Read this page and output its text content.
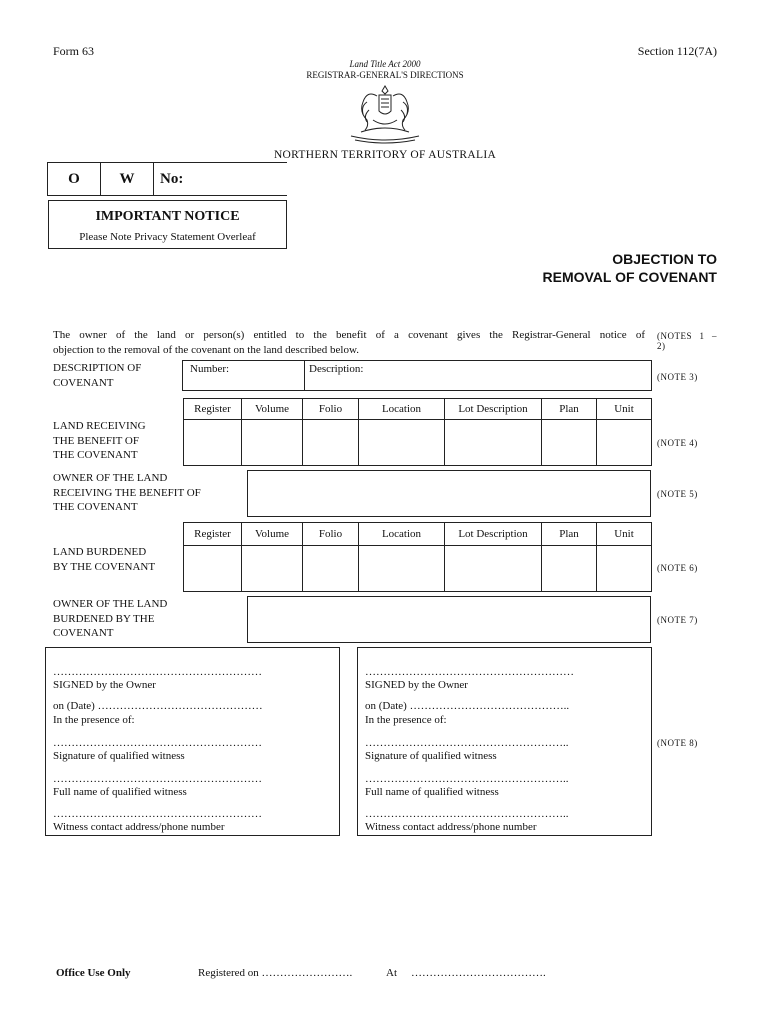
Form 63	Section 112(7A)
Land Title Act 2000
REGISTRAR-GENERAL'S DIRECTIONS
NORTHERN TERRITORY OF AUSTRALIA
O	W	No:
IMPORTANT NOTICE
Please Note Privacy Statement Overleaf
OBJECTION TO
REMOVAL OF COVENANT
The owner of the land or person(s) entitled to the benefit of a covenant gives the Registrar-General notice of
objection to the removal of the covenant on the land described below.
(NOTES 1 –
2)
DESCRIPTION OF
COVENANT
Number:	Description:
(NOTE 3)
Register	Volume	Folio	Location	Lot Description	Plan	Unit

LAND RECEIVING
THE BENEFIT OF
THE COVENANT
(NOTE 4)
OWNER OF THE LAND
RECEIVING THE BENEFIT OF
THE COVENANT
(NOTE 5)
Register	Volume	Folio	Location	Lot Description	Plan	Unit

LAND BURDENED
BY THE COVENANT	(NOTE 6)
OWNER OF THE LAND
BURDENED BY THE
COVENANT
(NOTE 7)
…………………………………………………
SIGNED by the Owner
on (Date) ………………………………………
In the presence of:
…………………………………………………
Signature of qualified witness
…………………………………………………
Full name of qualified witness
…………………………………………………
Witness contact address/phone number
…………………………………………………
SIGNED by the Owner
on (Date) ……………………………………..
In the presence of:
………………………………………………..
Signature of qualified witness
………………………………………………..
Full name of qualified witness
………………………………………………..
Witness contact address/phone number
(NOTE 8)
Office Use Only	Registered on …………………….	At ……………………………….
